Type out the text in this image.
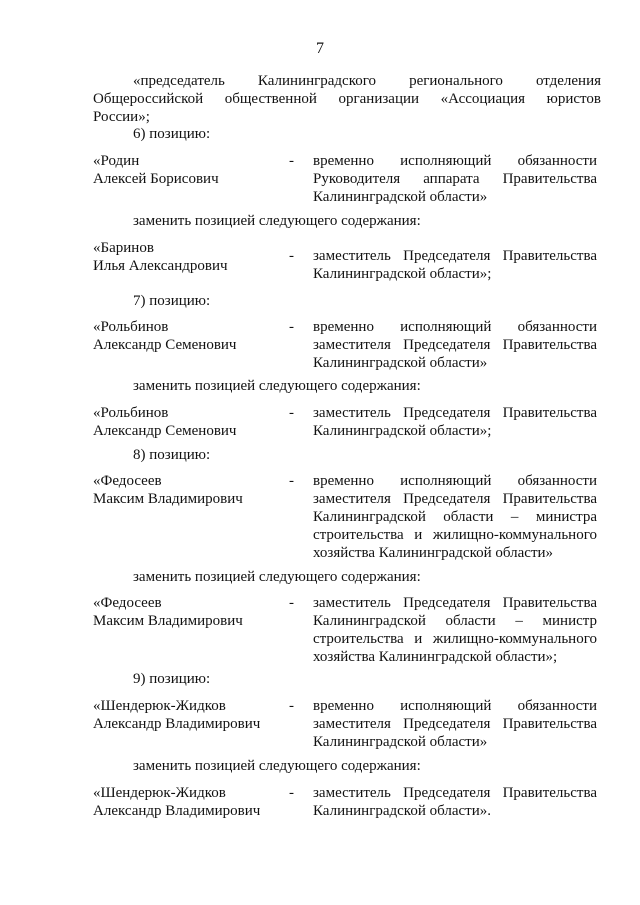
7
«председатель Калининградского регионального отделения
Общероссийской общественной организации «Ассоциация юристов
России»;
6) позицию:
«Родин
Алексей Борисович
- временно исполняющий обязанности
Руководителя аппарата Правительства
Калининградской области»
заменить позицией следующего содержания:
«Баринов
Илья Александрович
- заместитель Председателя Правительства
Калининградской области»;
7) позицию:
«Рольбинов
Александр Семенович
- временно исполняющий обязанности
заместителя Председателя Правительства
Калининградской области»
заменить позицией следующего содержания:
«Рольбинов
Александр Семенович
- заместитель Председателя Правительства
Калининградской области»;
8) позицию:
«Федосеев
Максим Владимирович
- временно исполняющий обязанности
заместителя Председателя Правительства
Калининградской области – министра
строительства и жилищно-коммунального
хозяйства Калининградской области»
заменить позицией следующего содержания:
«Федосеев
Максим Владимирович
- заместитель Председателя Правительства
Калининградской области – министр
строительства и жилищно-коммунального
хозяйства Калининградской области»;
9) позицию:
«Шендерюк-Жидков
Александр Владимирович
- временно исполняющий обязанности
заместителя Председателя Правительства
Калининградской области»
заменить позицией следующего содержания:
«Шендерюк-Жидков
Александр Владимирович
- заместитель Председателя Правительства
Калининградской области».
